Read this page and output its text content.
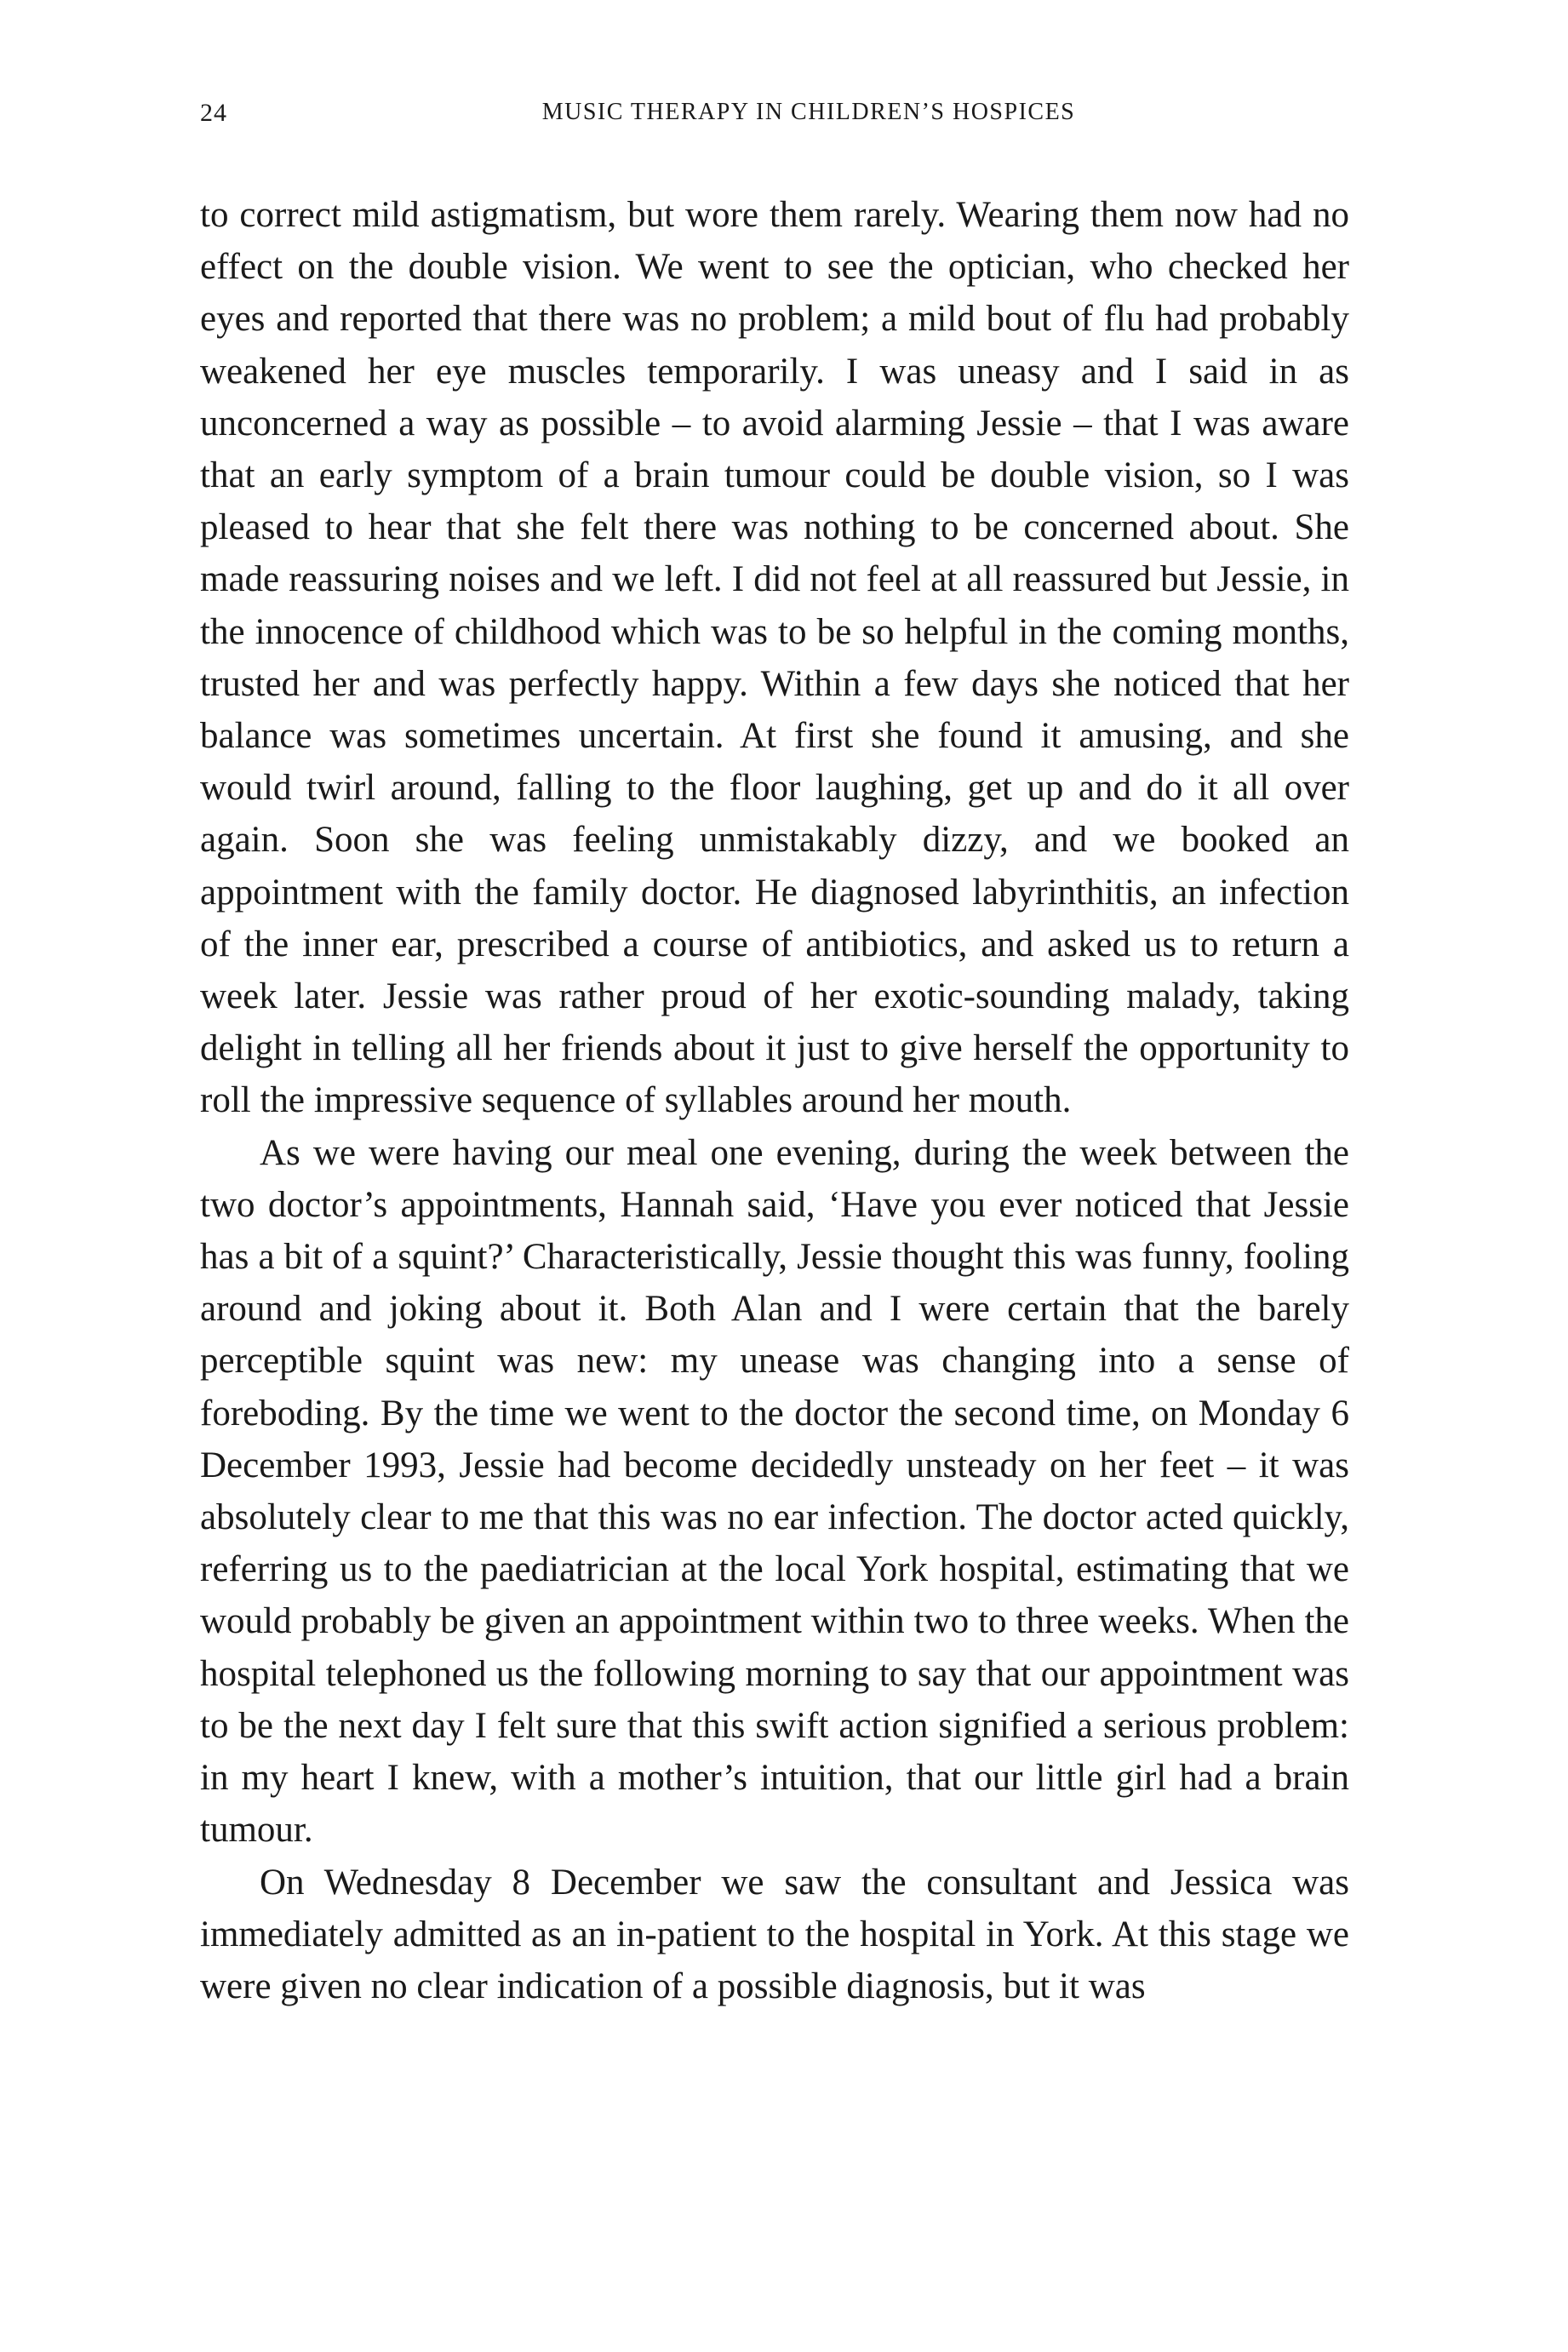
24	MUSIC THERAPY IN CHILDREN’S HOSPICES

to correct mild astigmatism, but wore them rarely. Wearing them now had no effect on the double vision. We went to see the optician, who checked her eyes and reported that there was no problem; a mild bout of flu had probably weakened her eye muscles temporarily. I was uneasy and I said in as unconcerned a way as possible – to avoid alarming Jessie – that I was aware that an early symptom of a brain tumour could be double vision, so I was pleased to hear that she felt there was nothing to be concerned about. She made reassuring noises and we left. I did not feel at all reassured but Jessie, in the innocence of childhood which was to be so helpful in the coming months, trusted her and was perfectly happy. Within a few days she noticed that her balance was sometimes uncertain. At first she found it amusing, and she would twirl around, falling to the floor laughing, get up and do it all over again. Soon she was feeling unmistakably dizzy, and we booked an appointment with the family doctor. He diagnosed labyrinthitis, an infection of the inner ear, prescribed a course of antibiotics, and asked us to return a week later. Jessie was rather proud of her exotic-sounding malady, taking delight in telling all her friends about it just to give herself the opportunity to roll the impressive sequence of syllables around her mouth.

As we were having our meal one evening, during the week between the two doctor’s appointments, Hannah said, ‘Have you ever noticed that Jessie has a bit of a squint?’ Characteristically, Jessie thought this was funny, fooling around and joking about it. Both Alan and I were certain that the barely perceptible squint was new: my unease was changing into a sense of foreboding. By the time we went to the doctor the second time, on Monday 6 December 1993, Jessie had become decidedly unsteady on her feet – it was absolutely clear to me that this was no ear infection. The doctor acted quickly, referring us to the paediatrician at the local York hospital, estimating that we would probably be given an appointment within two to three weeks. When the hospital telephoned us the following morning to say that our appointment was to be the next day I felt sure that this swift action signified a serious problem: in my heart I knew, with a mother’s intuition, that our little girl had a brain tumour.

On Wednesday 8 December we saw the consultant and Jessica was immediately admitted as an in-patient to the hospital in York. At this stage we were given no clear indication of a possible diagnosis, but it was
